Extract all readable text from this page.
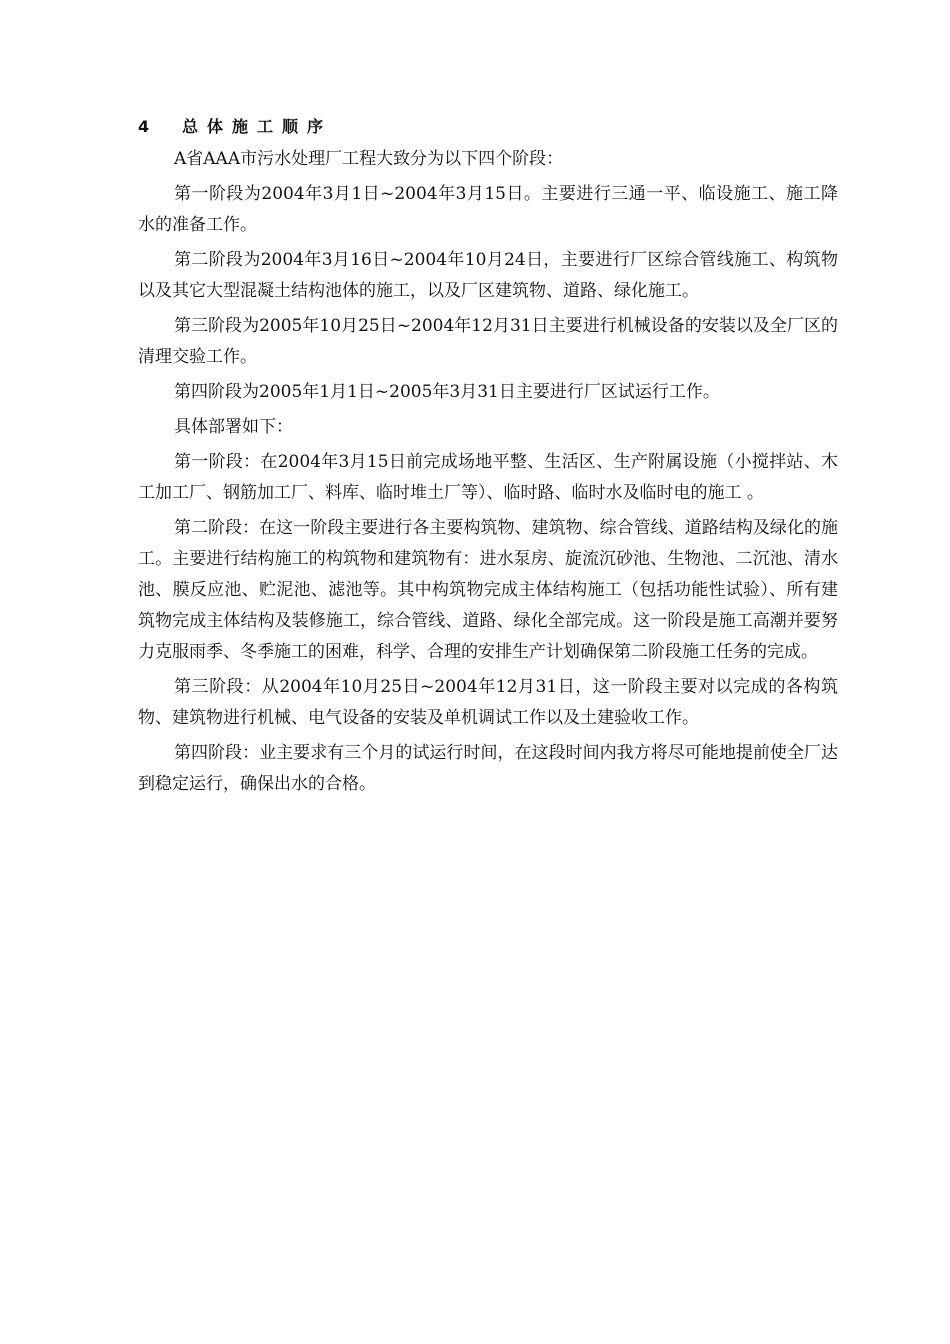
4 总体施工顺序

A省AAA市污水处理厂工程大致分为以下四个阶段：

第一阶段为2004年3月1日~2004年3月15日。主要进行三通一平、临设施工、施工降水的准备工作。

第二阶段为2004年3月16日~2004年10月24日，主要进行厂区综合管线施工、构筑物以及其它大型混凝土结构池体的施工，以及厂区建筑物、道路、绿化施工。

第三阶段为2005年10月25日~2004年12月31日主要进行机械设备的安装以及全厂区的清理交验工作。

第四阶段为2005年1月1日~2005年3月31日主要进行厂区试运行工作。

具体部署如下：

第一阶段：在2004年3月15日前完成场地平整、生活区、生产附属设施（小搅拌站、木工加工厂、钢筋加工厂、料库、临时堆土厂等）、临时路、临时水及临时电的施工 。

第二阶段：在这一阶段主要进行各主要构筑物、建筑物、综合管线、道路结构及绿化的施工。主要进行结构施工的构筑物和建筑物有：进水泵房、旋流沉砂池、生物池、二沉池、清水池、膜反应池、贮泥池、滤池等。其中构筑物完成主体结构施工（包括功能性试验）、所有建筑物完成主体结构及装修施工，综合管线、道路、绿化全部完成。这一阶段是施工高潮并要努力克服雨季、冬季施工的困难，科学、合理的安排生产计划确保第二阶段施工任务的完成。

第三阶段：从2004年10月25日~2004年12月31日，这一阶段主要对以完成的各构筑物、建筑物进行机械、电气设备的安装及单机调试工作以及土建验收工作。

第四阶段：业主要求有三个月的试运行时间，在这段时间内我方将尽可能地提前使全厂达到稳定运行，确保出水的合格。
